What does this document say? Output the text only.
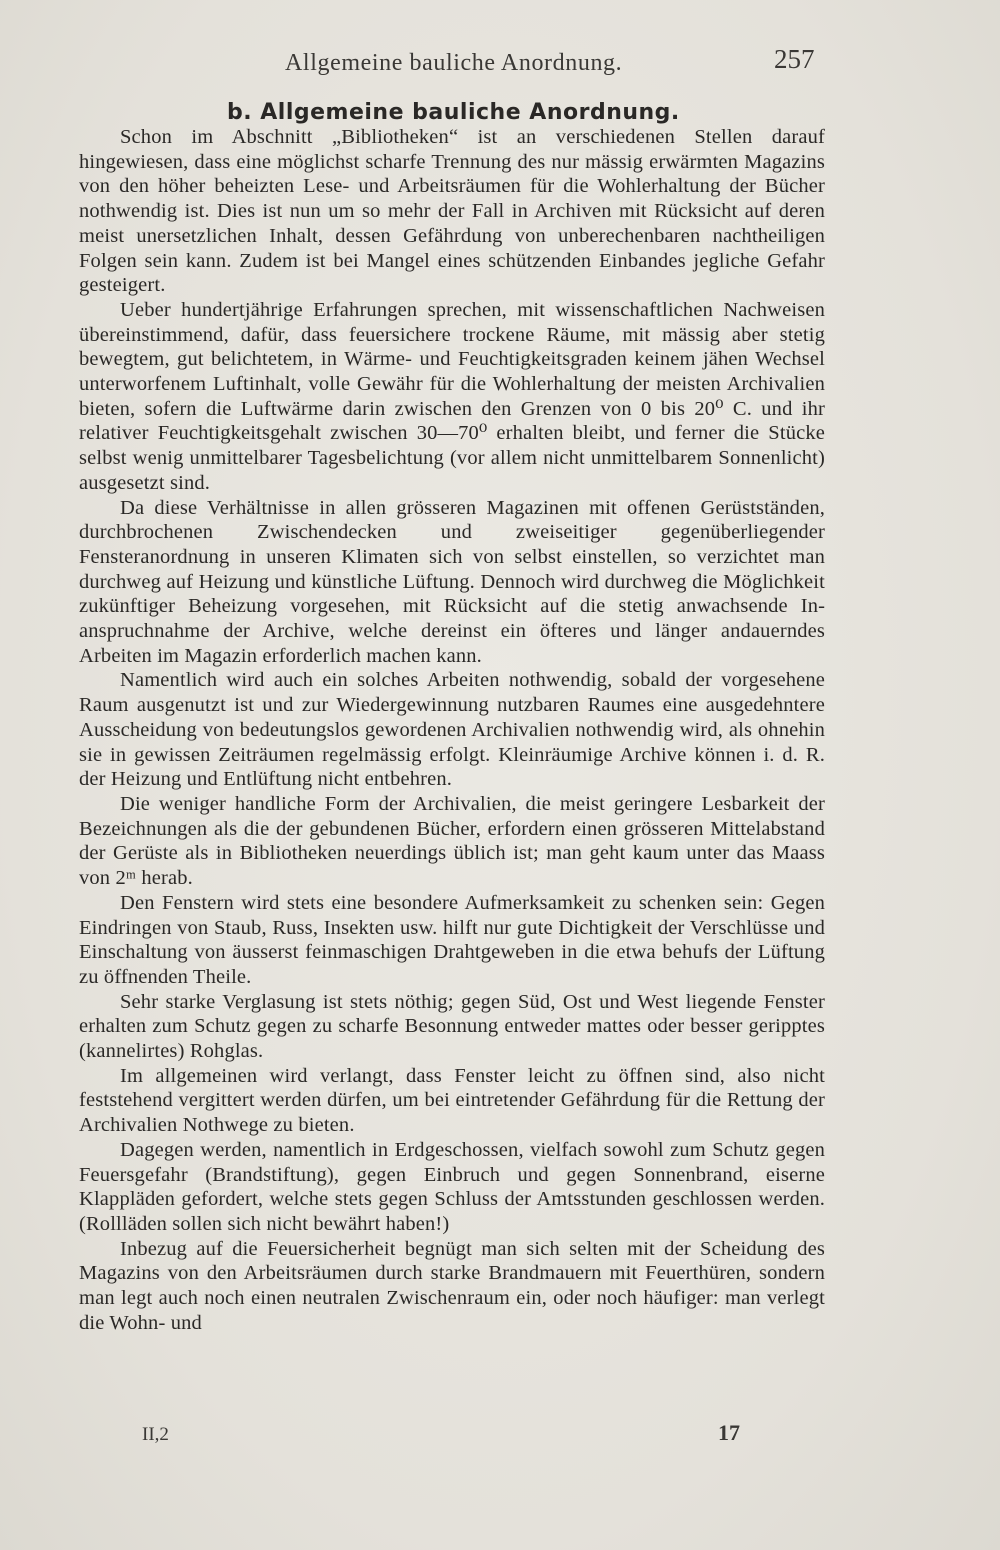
Allgemeine bauliche Anordnung.	257
b. Allgemeine bauliche Anordnung.

Schon im Abschnitt „Bibliotheken“ ist an verschiedenen Stellen darauf hingewiesen, dass eine möglichst scharfe Trennung des nur mässig erwärmten Magazins von den höher beheizten Lese- und Arbeitsräumen für die Wohlerhaltung der Bücher nothwendig ist. Dies ist nun um so mehr der Fall in Archiven mit Rücksicht auf deren meist unersetzlichen Inhalt, dessen Gefährdung von unberechenbaren nachtheiligen Folgen sein kann. Zudem ist bei Mangel eines schützenden Einbandes jegliche Gefahr gesteigert.

Ueber hundertjährige Erfahrungen sprechen, mit wissenschaftlichen Nachweisen übereinstimmend, dafür, dass feuersichere trockene Räume, mit mässig aber stetig bewegtem, gut belichtetem, in Wärme- und Feuchtigkeitsgraden keinem jähen Wechsel unterworfenem Luftinhalt, volle Gewähr für die Wohlerhaltung der meisten Archivalien bieten, sofern die Luftwärme darin zwischen den Grenzen von 0 bis 20⁰ C. und ihr relativer Feuchtigkeitsgehalt zwischen 30—70⁰ erhalten bleibt, und ferner die Stücke selbst wenig unmittelbarer Tagesbelichtung (vor allem nicht unmittelbarem Sonnenlicht) ausgesetzt sind.

Da diese Verhältnisse in allen grösseren Magazinen mit offenen Gerüstständen, durchbrochenen Zwischendecken und zweiseitiger gegenüberliegender Fensteranordnung in unseren Klimaten sich von selbst einstellen, so verzichtet man durchweg auf Heizung und künstliche Lüftung. Dennoch wird durchweg die Möglichkeit zukünftiger Beheizung vorgesehen, mit Rücksicht auf die stetig anwachsende Inanspruchnahme der Archive, welche dereinst ein öfteres und länger andauerndes Arbeiten im Magazin erforderlich machen kann.

Namentlich wird auch ein solches Arbeiten nothwendig, sobald der vorgesehene Raum ausgenutzt ist und zur Wiedergewinnung nutzbaren Raumes eine ausgedehntere Ausscheidung von bedeutungslos gewordenen Archivalien nothwendig wird, als ohnehin sie in gewissen Zeiträumen regelmässig erfolgt. Kleinräumige Archive können i. d. R. der Heizung und Entlüftung nicht entbehren.

Die weniger handliche Form der Archivalien, die meist geringere Lesbarkeit der Bezeichnungen als die der gebundenen Bücher, erfordern einen grösseren Mittelabstand der Gerüste als in Bibliotheken neuerdings üblich ist; man geht kaum unter das Maass von 2ᵐ herab.

Den Fenstern wird stets eine besondere Aufmerksamkeit zu schenken sein: Gegen Eindringen von Staub, Russ, Insekten usw. hilft nur gute Dichtigkeit der Verschlüsse und Einschaltung von äusserst feinmaschigen Drahtgeweben in die etwa behufs der Lüftung zu öffnenden Theile.

Sehr starke Verglasung ist stets nöthig; gegen Süd, Ost und West liegende Fenster erhalten zum Schutz gegen zu scharfe Besonnung entweder mattes oder besser geripptes (kannelirtes) Rohglas.

Im allgemeinen wird verlangt, dass Fenster leicht zu öffnen sind, also nicht feststehend vergittert werden dürfen, um bei eintretender Gefährdung für die Rettung der Archivalien Nothwege zu bieten.

Dagegen werden, namentlich in Erdgeschossen, vielfach sowohl zum Schutz gegen Feuersgefahr (Brandstiftung), gegen Einbruch und gegen Sonnenbrand, eiserne Klappläden gefordert, welche stets gegen Schluss der Amtsstunden geschlossen werden. (Rollläden sollen sich nicht bewährt haben!)

Inbezug auf die Feuersicherheit begnügt man sich selten mit der Scheidung des Magazins von den Arbeitsräumen durch starke Brandmauern mit Feuerthüren, sondern man legt auch noch einen neutralen Zwischenraum ein, oder noch häufiger: man verlegt die Wohn- und

II,2	17
